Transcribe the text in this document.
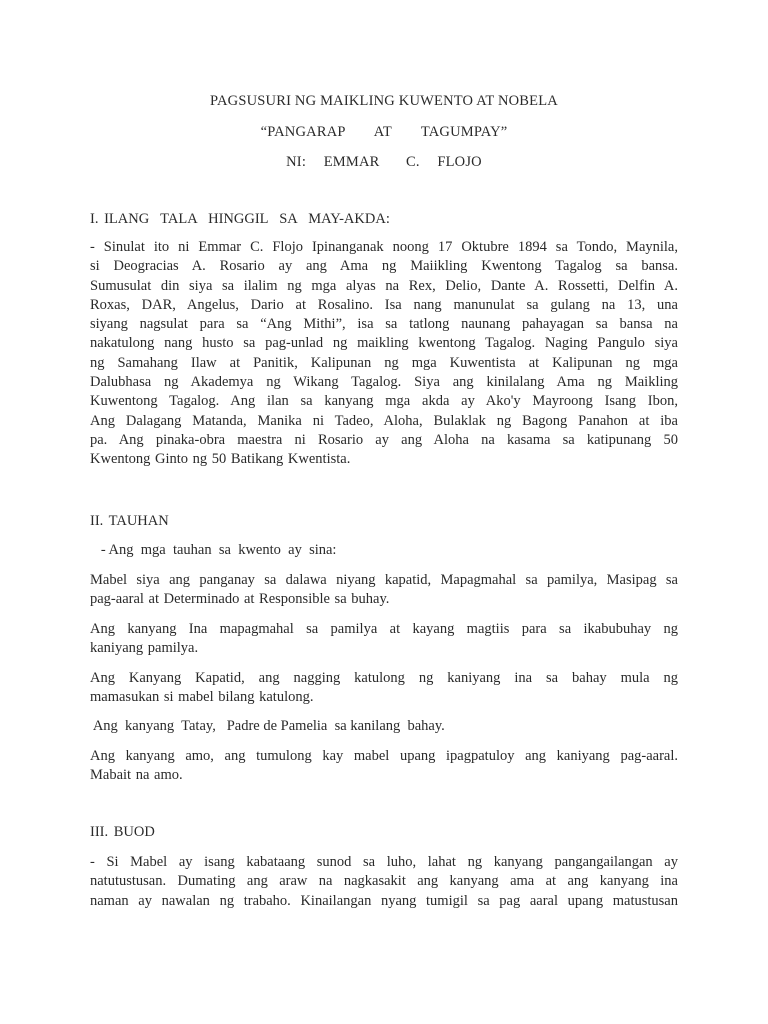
PAGSUSURI NG MAIKLING KUWENTO AT NOBELA
“PANGARAP   AT   TAGUMPAY”
NI:  EMMAR   C.  FLOJO
I. ILANG  TALA  HINGGIL  SA  MAY-AKDA:
- Sinulat ito ni Emmar C. Flojo Ipinanganak noong 17 Oktubre 1894 sa Tondo, Maynila,
si Deogracias A. Rosario ay ang Ama ng Maiikling Kwentong Tagalog sa bansa.
Sumusulat din siya sa ilalim ng mga alyas na Rex, Delio, Dante A. Rossetti, Delfin A.
Roxas, DAR, Angelus, Dario at Rosalino. Isa nang manunulat sa gulang na 13, una
siyang nagsulat para sa “Ang Mithi”, isa sa tatlong naunang pahayagan sa bansa na
nakatulong nang husto sa pag-unlad ng maikling kwentong Tagalog. Naging Pangulo siya
ng Samahang Ilaw at Panitik, Kalipunan ng mga Kuwentista at Kalipunan ng mga
Dalubhasa ng Akademya ng Wikang Tagalog. Siya ang kinilalang Ama ng Maikling
Kuwentong Tagalog. Ang ilan sa kanyang mga akda ay Ako'y Mayroong Isang Ibon,
Ang Dalagang Matanda, Manika ni Tadeo, Aloha, Bulaklak ng Bagong Panahon at iba
pa. Ang pinaka-obra maestra ni Rosario ay ang Aloha na kasama sa katipunang 50
Kwentong Ginto ng 50 Batikang Kwentista.
II. TAUHAN
- Ang  mga  tauhan  sa  kwento  ay  sina:
Mabel siya ang panganay sa dalawa niyang kapatid, Mapagmahal sa pamilya, Masipag sa
pag-aaral at Determinado at Responsible sa buhay.
Ang kanyang Ina mapagmahal sa pamilya at kayang magtiis para sa ikabubuhay ng
kaniyang pamilya.
Ang Kanyang Kapatid, ang nagging katulong ng kaniyang ina sa bahay mula ng
mamasukan si mabel bilang katulong.
Ang  kanyang  Tatay,   Padre de Pamelia  sa kanilang  bahay.
Ang kanyang amo, ang tumulong kay mabel upang ipagpatuloy ang kaniyang pag-aaral.
Mabait na amo.
III. BUOD
- Si Mabel ay isang kabataang sunod sa luho, lahat ng kanyang pangangailangan ay
natutustusan. Dumating ang araw na nagkasakit ang kanyang ama at ang kanyang ina
naman ay nawalan ng trabaho. Kinailangan nyang tumigil sa pag aaral upang matustusan
